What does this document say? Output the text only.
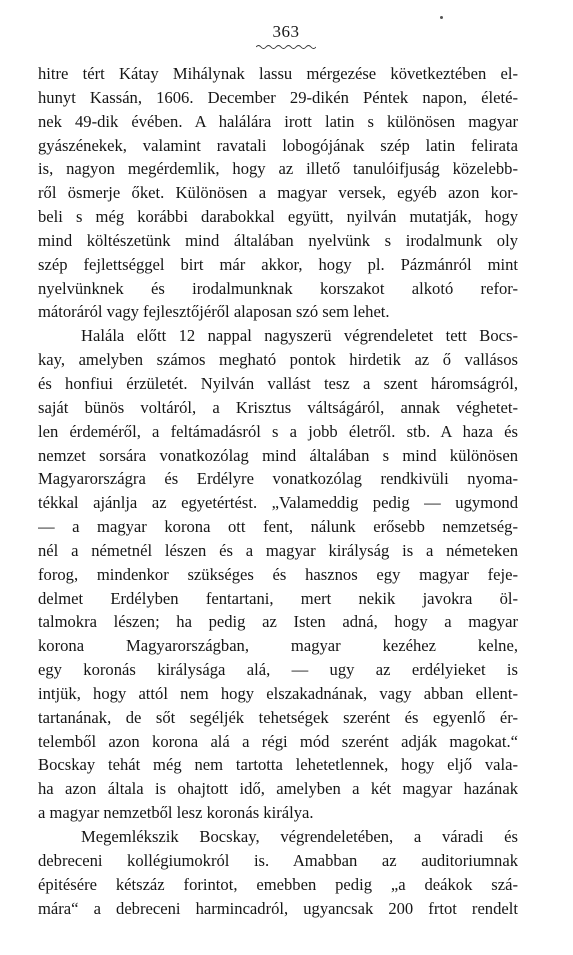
363
hitre tért Kátay Mihálynak lassu mérgezése következtében el-
hunyt Kassán, 1606. December 29-dikén Péntek napon, életé-
nek 49-dik évében. A halálára irott latin s különösen magyar
gyászénekek, valamint ravatali lobogójának szép latin felirata
is, nagyon megérdemlik, hogy az illető tanulóifjuság közelebb-
ről ösmerje őket. Különösen a magyar versek, egyéb azon kor-
beli s még korábbi darabokkal együtt, nyilván mutatják, hogy
mind költészetünk mind általában nyelvünk s irodalmunk oly
szép fejlettséggel birt már akkor, hogy pl. Pázmánról mint
nyelvünknek és irodalmunknak korszakot alkotó refor-
mátoráról vagy fejlesztőjéről alaposan szó sem lehet.
Halála előtt 12 nappal nagyszerü végrendeletet tett Bocs-
kay, amelyben számos megható pontok hirdetik az ő vallásos
és honfiui érzületét. Nyilván vallást tesz a szent háromságról,
saját bünös voltáról, a Krisztus váltságáról, annak véghetet-
len érdeméről, a feltámadásról s a jobb életről. stb. A haza és
nemzet sorsára vonatkozólag mind általában s mind különösen
Magyarországra és Erdélyre vonatkozólag rendkivüli nyoma-
tékkal ajánlja az egyetértést. „Valameddig pedig — ugymond
— a magyar korona ott fent, nálunk erősebb nemzetség-
nél a németnél lészen és a magyar királyság is a németeken
forog, mindenkor szükséges és hasznos egy magyar feje-
delmet Erdélyben fentartani, mert nekik javokra öl-
talmokra lészen; ha pedig az Isten adná, hogy a magyar
korona Magyarországban, magyar kezéhez kelne,
egy koronás királysága alá, — ugy az erdélyieket is
intjük, hogy attól nem hogy elszakadnának, vagy abban ellent-
tartanának, de sőt segéljék tehetségek szerént és egyenlő ér-
telemből azon korona alá a régi mód szerént adják magokat.“
Bocskay tehát még nem tartotta lehetetlennek, hogy eljő vala-
ha azon általa is ohajtott idő, amelyben a két magyar hazának
a magyar nemzetből lesz koronás királya.
Megemlékszik Bocskay, végrendeletében, a váradi és
debreceni kollégiumokról is. Amabban az auditoriumnak
épitésére kétszáz forintot, emebben pedig „a deákok szá-
mára“ a debreceni harmincadról, ugyancsak 200 frtot rendelt
